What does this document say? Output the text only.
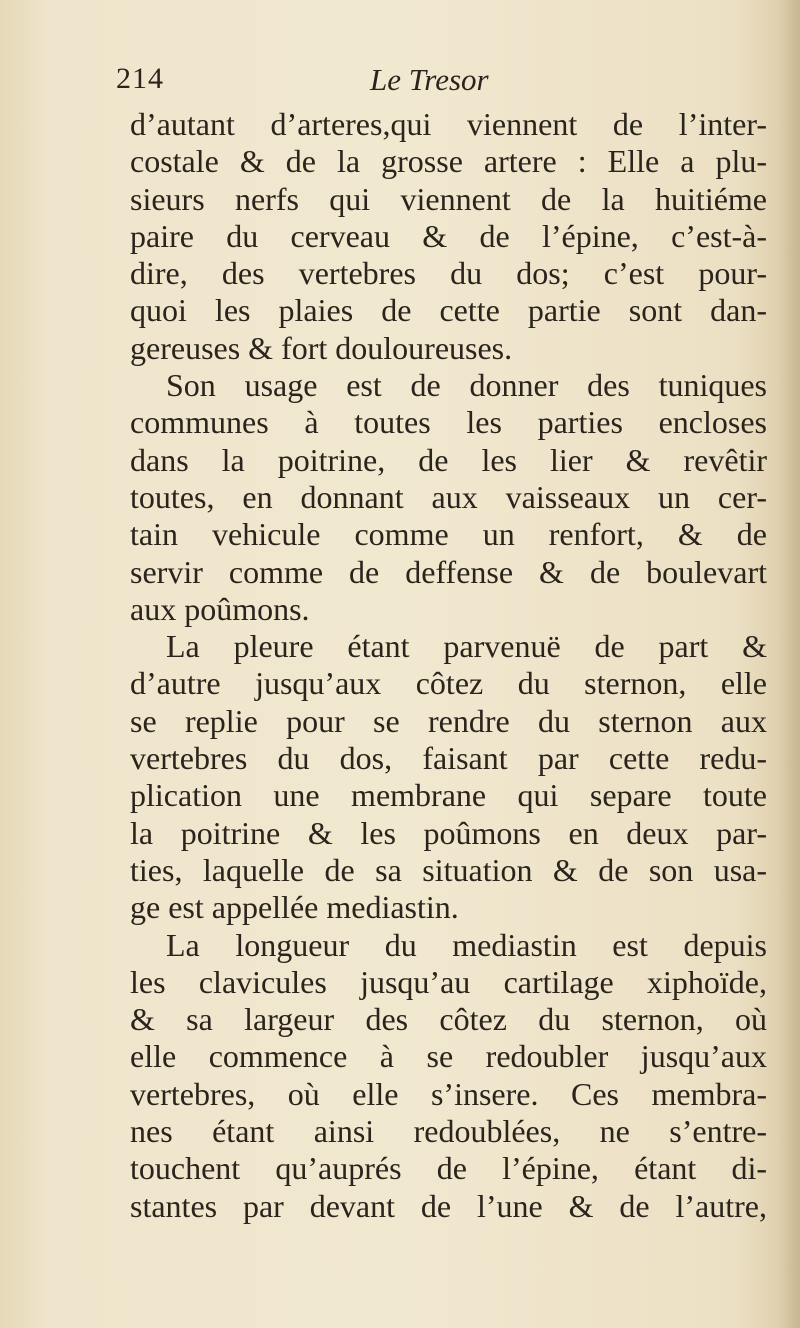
214	Le Tresor
d’autant d’arteres,qui viennent de l’inter-
costale & de la grosse artere : Elle a plu-
sieurs nerfs qui viennent de la huitiéme
paire du cerveau & de l’épine, c’est-à-
dire, des vertebres du dos; c’est pour-
quoi les plaies de cette partie sont dan-
gereuses & fort douloureuses.
Son usage est de donner des tuniques
communes à toutes les parties encloses
dans la poitrine, de les lier & revêtir
toutes, en donnant aux vaisseaux un cer-
tain vehicule comme un renfort, & de
servir comme de deffense & de boulevart
aux poûmons.
La pleure étant parvenuë de part &
d’autre jusqu’aux côtez du sternon, elle
se replie pour se rendre du sternon aux
vertebres du dos, faisant par cette redu-
plication une membrane qui separe toute
la poitrine & les poûmons en deux par-
ties, laquelle de sa situation & de son usa-
ge est appellée mediastin.
La longueur du mediastin est depuis
les clavicules jusqu’au cartilage xiphoïde,
& sa largeur des côtez du sternon, où
elle commence à se redoubler jusqu’aux
vertebres, où elle s’insere. Ces membra-
nes étant ainsi redoublées, ne s’entre-
touchent qu’auprés de l’épine, étant di-
stantes par devant de l’une & de l’autre,
